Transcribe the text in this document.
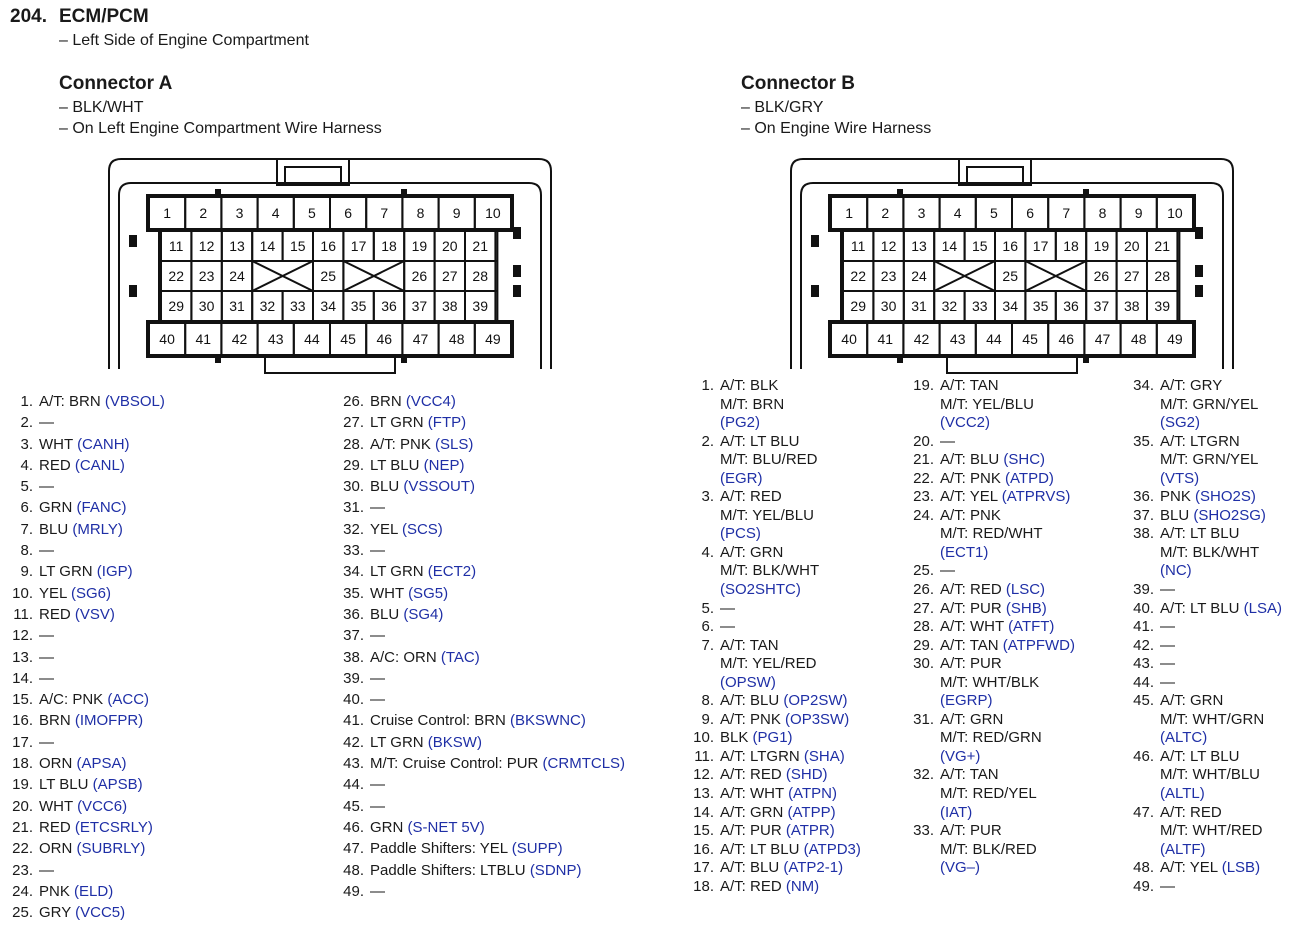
204. ECM/PCM
– Left Side of Engine Compartment
Connector A
– BLK/WHT
– On Left Engine Compartment Wire Harness
Connector B
– BLK/GRY
– On Engine Wire Harness
1 2 3 4 5 6 7 8 9 10
11 12 13 14 15 16 17 18 19 20 21
22 23 24	25	26 27 28
29 30 31 32 33 34 35 36 37 38 39
40 41 42 43 44 45 46 47 48 49
1 2 3 4 5 6 7 8 9 10
11 12 13 14 15 16 17 18 19 20 21
22 23 24	25	26 27 28
29 30 31 32 33 34 35 36 37 38 39
40 41 42 43 44 45 46 47 48 49
1. A/T: BRN (VBSOL)
2. —
3. WHT (CANH)
4. RED (CANL)
5. —
6. GRN (FANC)
7. BLU (MRLY)
8. —
9. LT GRN (IGP)
10. YEL (SG6)
11. RED (VSV)
12. —
13. —
14. —
15. A/C: PNK (ACC)
16. BRN (IMOFPR)
17. —
18. ORN (APSA)
19. LT BLU (APSB)
20. WHT (VCC6)
21. RED (ETCSRLY)
22. ORN (SUBRLY)
23. —
24. PNK (ELD)
25. GRY (VCC5)
26. BRN (VCC4)
27. LT GRN (FTP)
28. A/T: PNK (SLS)
29. LT BLU (NEP)
30. BLU (VSSOUT)
31. —
32. YEL (SCS)
33. —
34. LT GRN (ECT2)
35. WHT (SG5)
36. BLU (SG4)
37. —
38. A/C: ORN (TAC)
39. —
40. —
41. Cruise Control: BRN (BKSWNC)
42. LT GRN (BKSW)
43. M/T: Cruise Control: PUR (CRMTCLS)
44. —
45. —
46. GRN (S-NET 5V)
47. Paddle Shifters: YEL (SUPP)
48. Paddle Shifters: LTBLU (SDNP)
49. —
1. A/T: BLK
M/T: BRN
(PG2)
2. A/T: LT BLU
M/T: BLU/RED
(EGR)
3. A/T: RED
M/T: YEL/BLU
(PCS)
4. A/T: GRN
M/T: BLK/WHT
(SO2SHTC)
5. —
6. —
7. A/T: TAN
M/T: YEL/RED
(OPSW)
8. A/T: BLU (OP2SW)
9. A/T: PNK (OP3SW)
10. BLK (PG1)
11. A/T: LTGRN (SHA)
12. A/T: RED (SHD)
13. A/T: WHT (ATPN)
14. A/T: GRN (ATPP)
15. A/T: PUR (ATPR)
16. A/T: LT BLU (ATPD3)
17. A/T: BLU (ATP2-1)
18. A/T: RED (NM)
19. A/T: TAN
M/T: YEL/BLU
(VCC2)
20. —
21. A/T: BLU (SHC)
22. A/T: PNK (ATPD)
23. A/T: YEL (ATPRVS)
24. A/T: PNK
M/T: RED/WHT
(ECT1)
25. —
26. A/T: RED (LSC)
27. A/T: PUR (SHB)
28. A/T: WHT (ATFT)
29. A/T: TAN (ATPFWD)
30. A/T: PUR
M/T: WHT/BLK
(EGRP)
31. A/T: GRN
M/T: RED/GRN
(VG+)
32. A/T: TAN
M/T: RED/YEL
(IAT)
33. A/T: PUR
M/T: BLK/RED
(VG–)
34. A/T: GRY
M/T: GRN/YEL
(SG2)
35. A/T: LTGRN
M/T: GRN/YEL
(VTS)
36. PNK (SHO2S)
37. BLU (SHO2SG)
38. A/T: LT BLU
M/T: BLK/WHT
(NC)
39. —
40. A/T: LT BLU (LSA)
41. —
42. —
43. —
44. —
45. A/T: GRN
M/T: WHT/GRN
(ALTC)
46. A/T: LT BLU
M/T: WHT/BLU
(ALTL)
47. A/T: RED
M/T: WHT/RED
(ALTF)
48. A/T: YEL (LSB)
49. —
